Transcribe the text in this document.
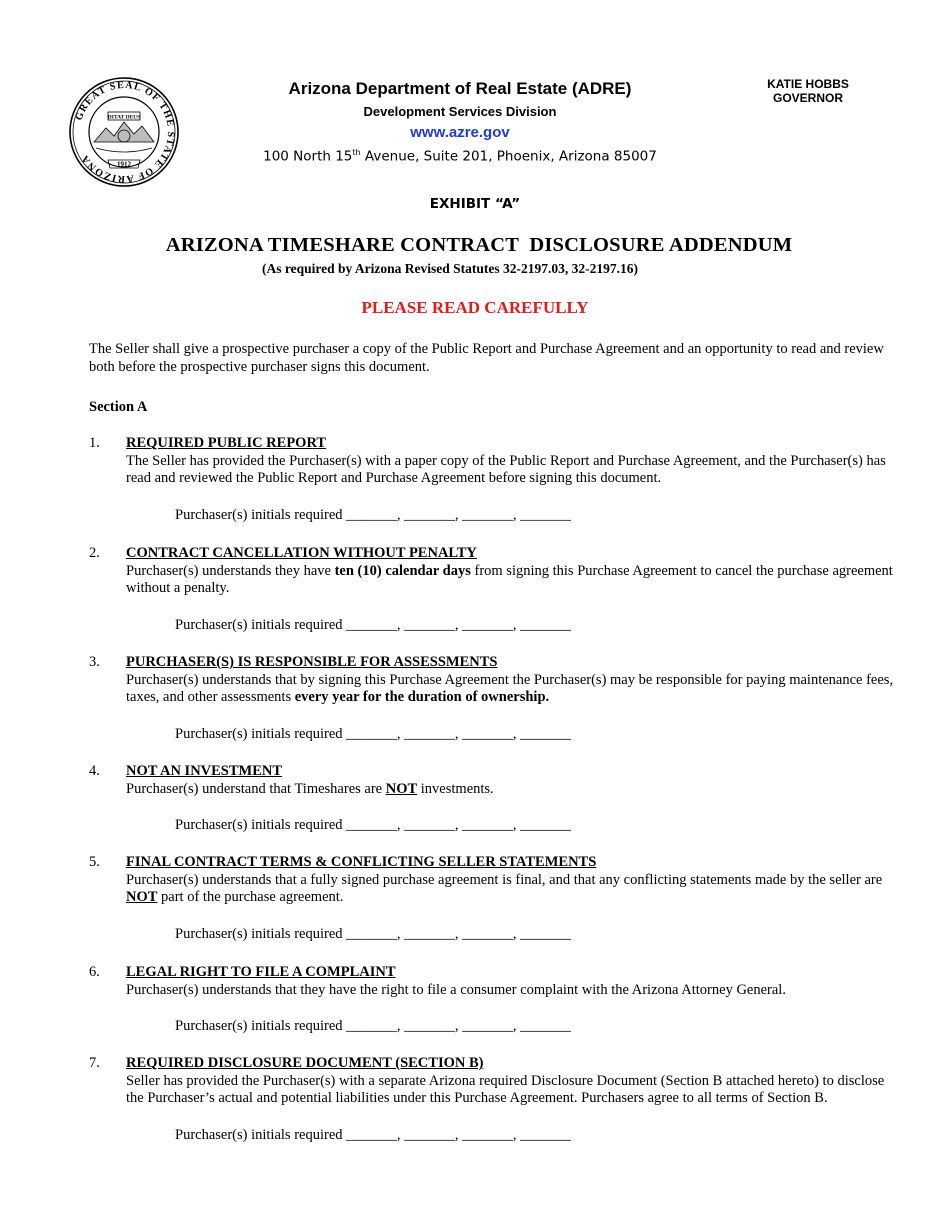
GREAT SEAL OF THE STATE OF ARIZONA
DITAT DEUS
1912
Arizona Department of Real Estate (ADRE)
Development Services Division
www.azre.gov
100 North 15th Avenue, Suite 201, Phoenix, Arizona 85007
KATIE HOBBS
GOVERNOR
EXHIBIT “A”
ARIZONA TIMESHARE CONTRACT  DISCLOSURE ADDENDUM
(As required by Arizona Revised Statutes 32-2197.03, 32-2197.16)
PLEASE READ CAREFULLY
The Seller shall give a prospective purchaser a copy of the Public Report and Purchase Agreement and an opportunity to read and review both before the prospective purchaser signs this document.
Section A
1. REQUIRED PUBLIC REPORT
The Seller has provided the Purchaser(s) with a paper copy of the Public Report and Purchase Agreement, and the Purchaser(s) has read and reviewed the Public Report and Purchase Agreement before signing this document.
Purchaser(s) initials required _______, _______, _______, _______
2. CONTRACT CANCELLATION WITHOUT PENALTY
Purchaser(s) understands they have ten (10) calendar days from signing this Purchase Agreement to cancel the purchase agreement without a penalty.
Purchaser(s) initials required _______, _______, _______, _______
3. PURCHASER(S) IS RESPONSIBLE FOR ASSESSMENTS
Purchaser(s) understands that by signing this Purchase Agreement the Purchaser(s) may be responsible for paying maintenance fees, taxes, and other assessments every year for the duration of ownership.
Purchaser(s) initials required _______, _______, _______, _______
4. NOT AN INVESTMENT
Purchaser(s) understand that Timeshares are NOT investments.
Purchaser(s) initials required _______, _______, _______, _______
5. FINAL CONTRACT TERMS & CONFLICTING SELLER STATEMENTS
Purchaser(s) understands that a fully signed purchase agreement is final, and that any conflicting statements made by the seller are NOT part of the purchase agreement.
Purchaser(s) initials required _______, _______, _______, _______
6. LEGAL RIGHT TO FILE A COMPLAINT
Purchaser(s) understands that they have the right to file a consumer complaint with the Arizona Attorney General.
Purchaser(s) initials required _______, _______, _______, _______
7. REQUIRED DISCLOSURE DOCUMENT (SECTION B)
Seller has provided the Purchaser(s) with a separate Arizona required Disclosure Document (Section B attached hereto) to disclose the Purchaser’s actual and potential liabilities under this Purchase Agreement. Purchasers agree to all terms of Section B.
Purchaser(s) initials required _______, _______, _______, _______
